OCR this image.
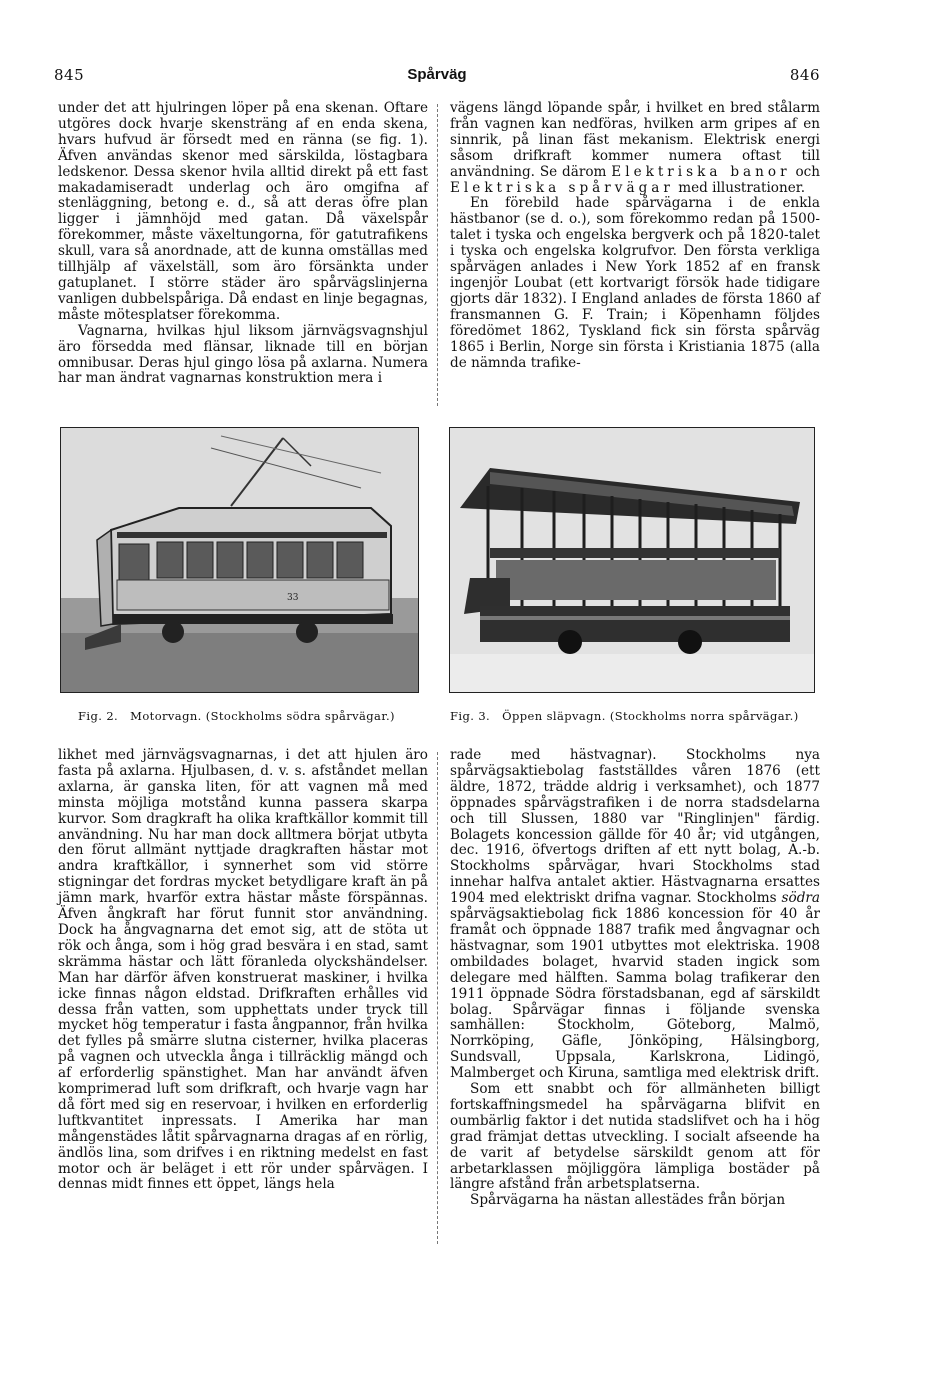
845	Spårväg	846

under det att hjulringen löper på ena skenan. Oftare utgöres dock hvarje skensträng af en enda skena, hvars hufvud är försedt med en ränna (se fig. 1). Äfven användas skenor med särskilda, löstagbara ledskenor. Dessa skenor hvila alltid direkt på ett fast makadamiseradt underlag och äro omgifna af stenläggning, betong e. d., så att deras öfre plan ligger i jämnhöjd med gatan. Då växelspår förekommer, måste växeltungorna, för gatutrafikens skull, vara så anordnade, att de kunna omställas med tillhjälp af växelställ, som äro försänkta under gatuplanet. I större städer äro spårvägslinjerna vanligen dubbelspåriga. Då endast en linje begagnas, måste mötesplatser förekomma.

Vagnarna, hvilkas hjul liksom järnvägsvagnshjul äro försedda med flänsar, liknade till en början omnibusar. Deras hjul gingo lösa på axlarna. Numera har man ändrat vagnarnas konstruktion mera i

vägens längd löpande spår, i hvilket en bred stålarm från vagnen kan nedföras, hvilken arm gripes af en sinnrik, på linan fäst mekanism. Elektrisk energi såsom drifkraft kommer numera oftast till användning. Se därom Elektriska banor och Elektriska spårvägar med illustrationer.

En förebild hade spårvägarna i de enkla hästbanor (se d. o.), som förekommo redan på 1500-talet i tyska och engelska bergverk och på 1820-talet i tyska och engelska kolgrufvor. Den första verkliga spårvägen anlades i New York 1852 af en fransk ingenjör Loubat (ett kortvarigt försök hade tidigare gjorts där 1832). I England anlades de första 1860 af fransmannen G. F. Train; i Köpenhamn följdes föredömet 1862, Tyskland fick sin första spårväg 1865 i Berlin, Norge sin första i Kristiania 1875 (alla de nämnda trafike-

33
Fig. 2. Motorvagn. (Stockholms södra spårvägar.)	Fig. 3. Öppen släpvagn. (Stockholms norra spårvägar.)

likhet med järnvägsvagnarnas, i det att hjulen äro fasta på axlarna. Hjulbasen, d. v. s. afståndet mellan axlarna, är ganska liten, för att vagnen må med minsta möjliga motstånd kunna passera skarpa kurvor. Som dragkraft ha olika kraftkällor kommit till användning. Nu har man dock alltmera börjat utbyta den förut allmänt nyttjade dragkraften hästar mot andra kraftkällor, i synnerhet som vid större stigningar det fordras mycket betydligare kraft än på jämn mark, hvarför extra hästar måste förspännas. Äfven ångkraft har förut funnit stor användning. Dock ha ångvagnarna det emot sig, att de stöta ut rök och ånga, som i hög grad besvära i en stad, samt skrämma hästar och lätt föranleda olyckshändelser. Man har därför äfven konstruerat maskiner, i hvilka icke finnas någon eldstad. Drifkraften erhålles vid dessa från vatten, som upphettats under tryck till mycket hög temperatur i fasta ångpannor, från hvilka det fylles på smärre slutna cisterner, hvilka placeras på vagnen och utveckla ånga i tillräcklig mängd och af erforderlig spänstighet. Man har användt äfven komprimerad luft som drifkraft, och hvarje vagn har då fört med sig en reservoar, i hvilken en erforderlig luftkvantitet inpressats. I Amerika har man mångenstädes låtit spårvagnarna dragas af en rörlig, ändlös lina, som drifves i en riktning medelst en fast motor och är beläget i ett rör under spårvägen. I dennas midt finnes ett öppet, längs hela

rade med hästvagnar). Stockholms nya spårvägsaktiebolag fastställdes våren 1876 (ett äldre, 1872, trädde aldrig i verksamhet), och 1877 öppnades spårvägstrafiken i de norra stadsdelarna och till Slussen, 1880 var "Ringlinjen" färdig. Bolagets koncession gällde för 40 år; vid utgången, dec. 1916, öfvertogs driften af ett nytt bolag, A.-b. Stockholms spårvägar, hvari Stockholms stad innehar halfva antalet aktier. Hästvagnarna ersattes 1904 med elektriskt drifna vagnar. Stockholms södra spårvägsaktiebolag fick 1886 koncession för 40 år framåt och öppnade 1887 trafik med ångvagnar och hästvagnar, som 1901 utbyttes mot elektriska. 1908 ombildades bolaget, hvarvid staden ingick som delegare med hälften. Samma bolag trafikerar den 1911 öppnade Södra förstadsbanan, egd af särskildt bolag. Spårvägar finnas i följande svenska samhällen: Stockholm, Göteborg, Malmö, Norrköping, Gäfle, Jönköping, Hälsingborg, Sundsvall, Uppsala, Karlskrona, Lidingö, Malmberget och Kiruna, samtliga med elektrisk drift.

Som ett snabbt och för allmänheten billigt fortskaffningsmedel ha spårvägarna blifvit en oumbärlig faktor i det nutida stadslifvet och ha i hög grad främjat dettas utveckling. I socialt afseende ha de varit af betydelse särskildt genom att för arbetarklassen möjliggöra lämpliga bostäder på längre afstånd från arbetsplatserna.

Spårvägarna ha nästan allestädes från början
